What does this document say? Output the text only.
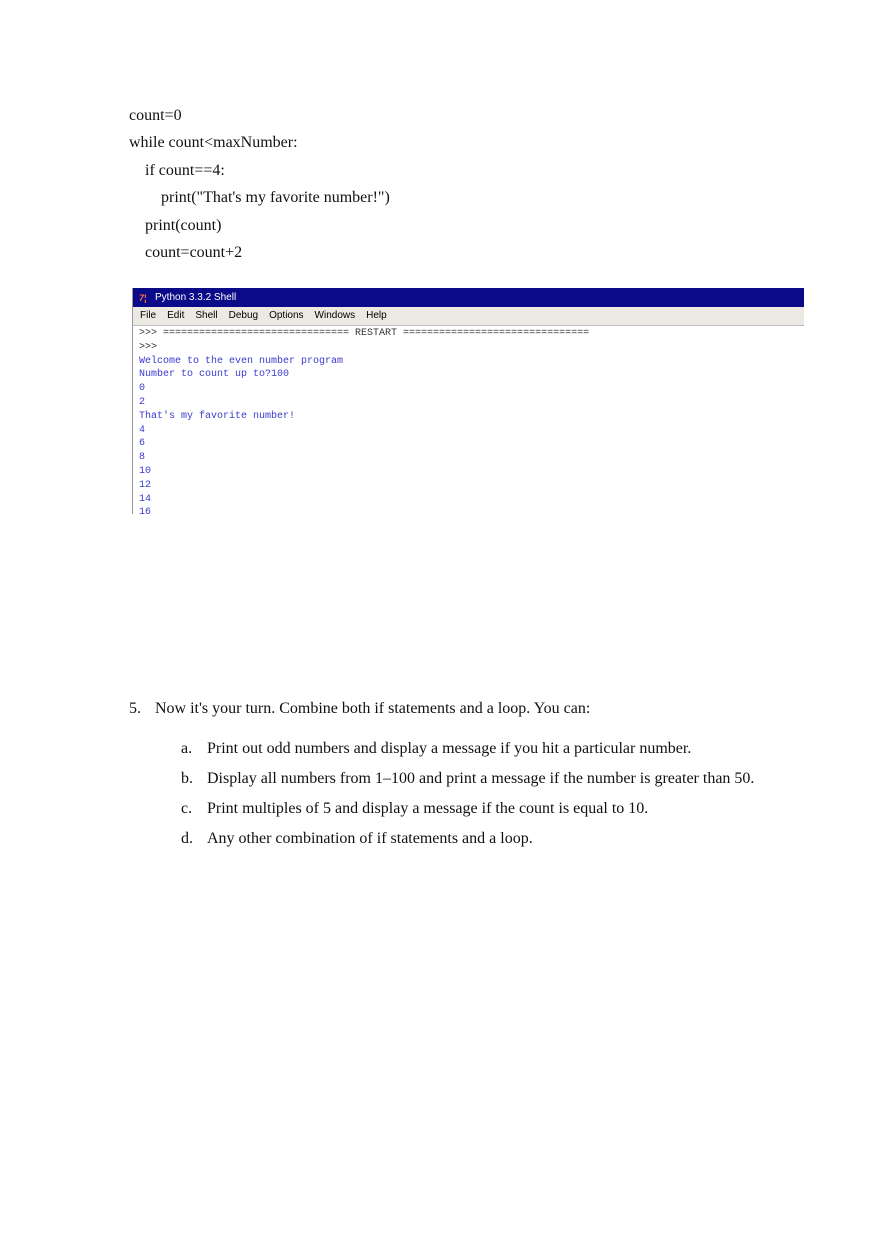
count=0
while count<maxNumber:
if count==4:
print("That's my favorite number!")
print(count)
count=count+2
7¦ Python 3.3.2 Shell
File Edit Shell Debug Options Windows Help
>>> =============================== RESTART ===============================
>>>
Welcome to the even number program
Number to count up to?100
0
2
That's my favorite number!
4
6
8
10
12
14
16
5. Now it's your turn. Combine both if statements and a loop. You can:
a. Print out odd numbers and display a message if you hit a particular number.
b. Display all numbers from 1–100 and print a message if the number is greater than 50.
c. Print multiples of 5 and display a message if the count is equal to 10.
d. Any other combination of if statements and a loop.
